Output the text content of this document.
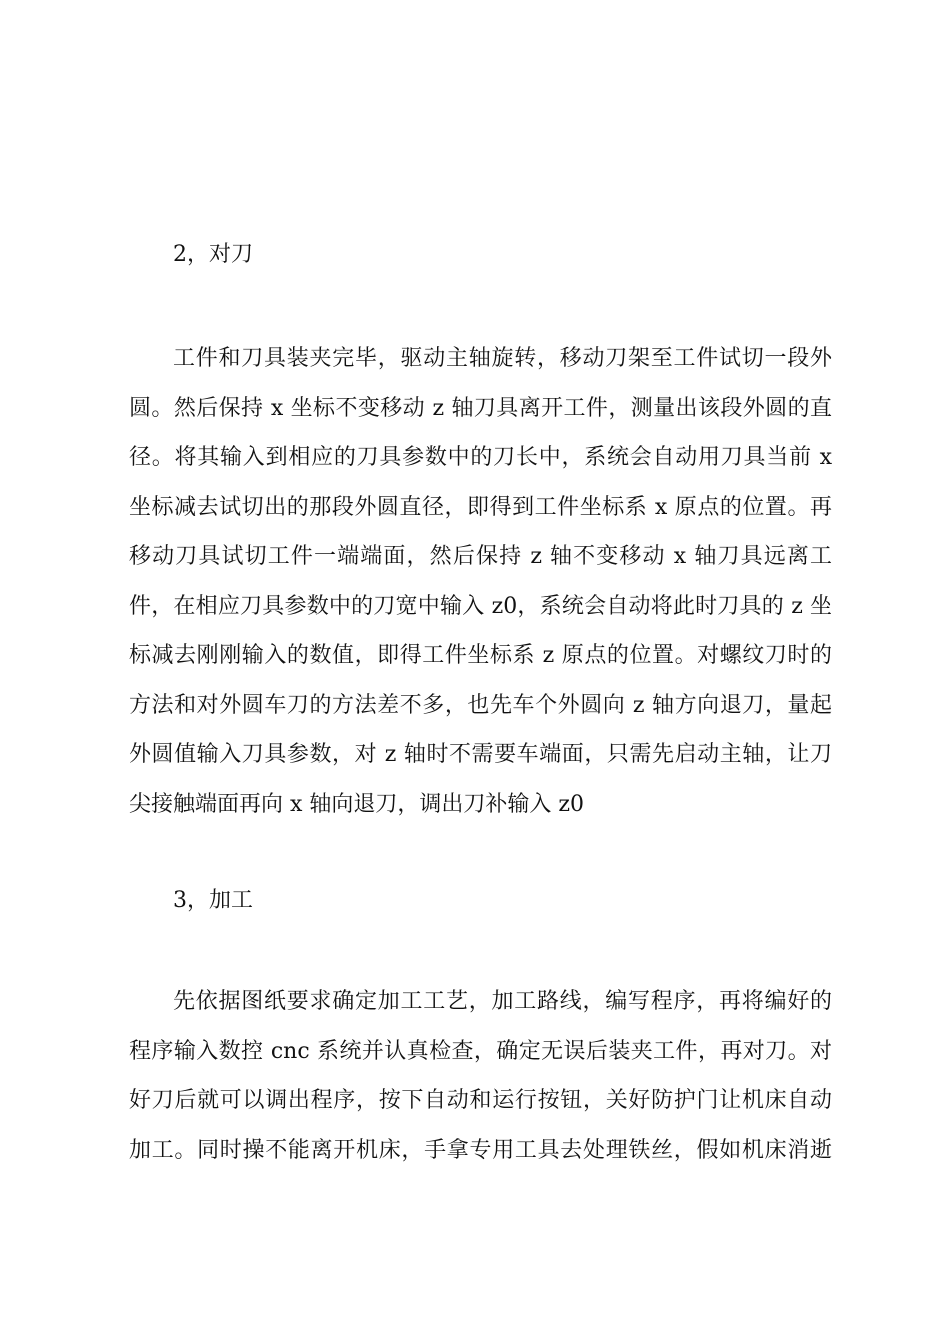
2，对刀
工件和刀具装夹完毕，驱动主轴旋转，移动刀架至工件试切一段外
圆。然后保持 x 坐标不变移动 z 轴刀具离开工件，测量出该段外圆的直
径。将其输入到相应的刀具参数中的刀长中，系统会自动用刀具当前 x
坐标减去试切出的那段外圆直径，即得到工件坐标系 x 原点的位置。再
移动刀具试切工件一端端面，然后保持 z 轴不变移动 x 轴刀具远离工
件，在相应刀具参数中的刀宽中输入 z0，系统会自动将此时刀具的 z 坐
标减去刚刚输入的数值，即得工件坐标系 z 原点的位置。对螺纹刀时的
方法和对外圆车刀的方法差不多，也先车个外圆向 z 轴方向退刀，量起
外圆值输入刀具参数，对 z 轴时不需要车端面，只需先启动主轴，让刀
尖接触端面再向 x 轴向退刀，调出刀补输入 z0
3，加工
先依据图纸要求确定加工工艺，加工路线，编写程序，再将编好的
程序输入数控 cnc 系统并认真检查，确定无误后装夹工件，再对刀。对
好刀后就可以调出程序，按下自动和运行按钮，关好防护门让机床自动
加工。同时操不能离开机床，手拿专用工具去处理铁丝，假如机床消逝
